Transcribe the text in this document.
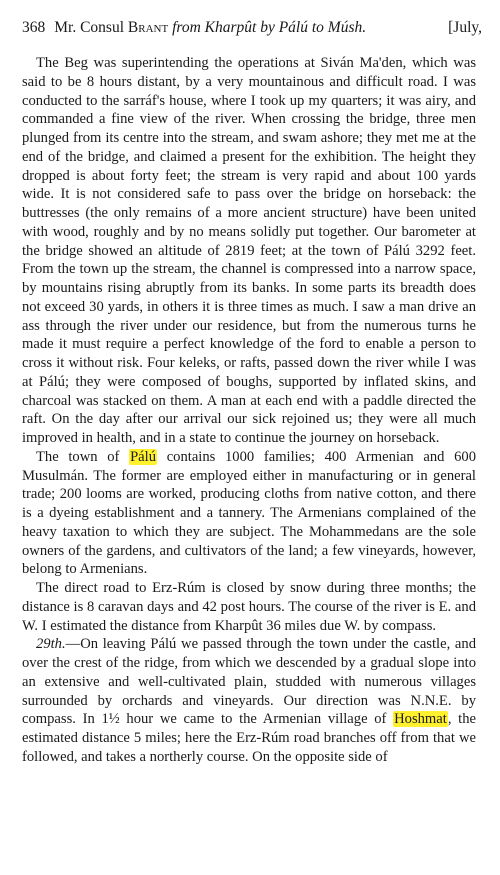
368 Mr. Consul Brant from Kharpût by Pálú to Músh.	[July,

The Beg was superintending the operations at Siván Ma'den, which was said to be 8 hours distant, by a very mountainous and difficult road. I was conducted to the sarráf's house, where I took up my quarters; it was airy, and commanded a fine view of the river. When crossing the bridge, three men plunged from its centre into the stream, and swam ashore; they met me at the end of the bridge, and claimed a present for the exhibition. The height they dropped is about forty feet; the stream is very rapid and about 100 yards wide. It is not considered safe to pass over the bridge on horseback: the buttresses (the only remains of a more ancient structure) have been united with wood, roughly and by no means solidly put together. Our barometer at the bridge showed an altitude of 2819 feet; at the town of Pálú 3292 feet. From the town up the stream, the channel is compressed into a narrow space, by mountains rising abruptly from its banks. In some parts its breadth does not exceed 30 yards, in others it is three times as much. I saw a man drive an ass through the river under our residence, but from the numerous turns he made it must require a perfect knowledge of the ford to enable a person to cross it without risk. Four keleks, or rafts, passed down the river while I was at Pálú; they were composed of boughs, supported by inflated skins, and charcoal was stacked on them. A man at each end with a paddle directed the raft. On the day after our arrival our sick rejoined us; they were all much improved in health, and in a state to continue the journey on horseback.

The town of Pálú contains 1000 families; 400 Armenian and 600 Musulmán. The former are employed either in manufacturing or in general trade; 200 looms are worked, producing cloths from native cotton, and there is a dyeing establishment and a tannery. The Armenians complained of the heavy taxation to which they are subject. The Mohammedans are the sole owners of the gardens, and cultivators of the land; a few vineyards, however, belong to Armenians.

The direct road to Erz-Rúm is closed by snow during three months; the distance is 8 caravan days and 42 post hours. The course of the river is E. and W. I estimated the distance from Kharpût 36 miles due W. by compass.

29th.—On leaving Pálú we passed through the town under the castle, and over the crest of the ridge, from which we descended by a gradual slope into an extensive and well-cultivated plain, studded with numerous villages surrounded by orchards and vineyards. Our direction was N.N.E. by compass. In 1½ hour we came to the Armenian village of Hoshmat, the estimated distance 5 miles; here the Erz-Rúm road branches off from that we followed, and takes a northerly course. On the opposite side of
